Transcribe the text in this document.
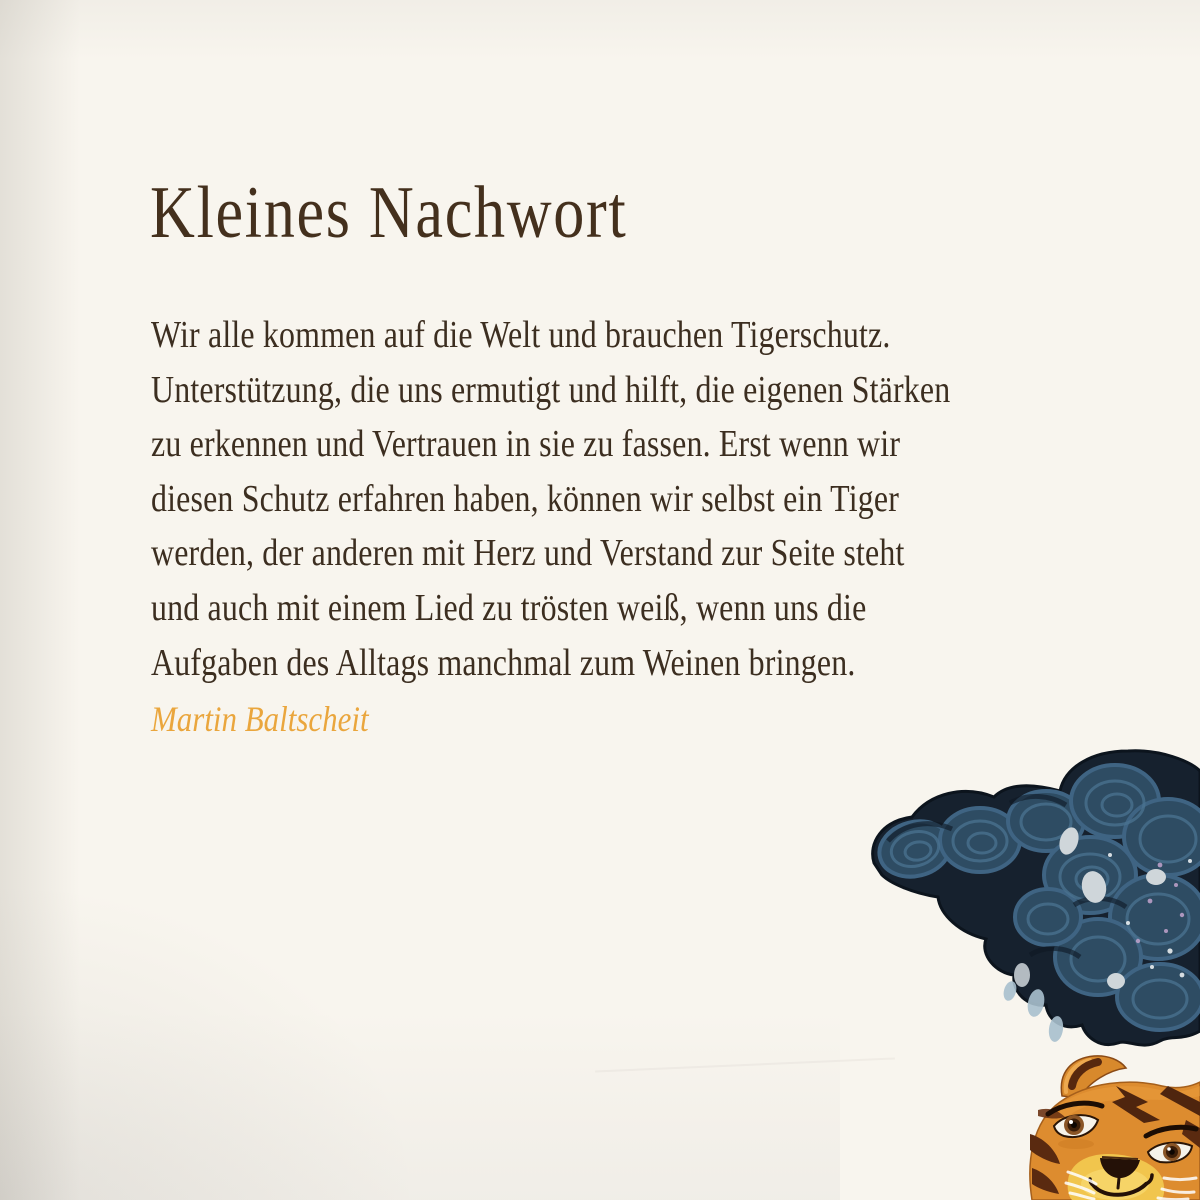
Kleines Nachwort
Wir alle kommen auf die Welt und brauchen Tigerschutz.
Unterstützung, die uns ermutigt und hilft, die eigenen Stärken
zu erkennen und Vertrauen in sie zu fassen. Erst wenn wir
diesen Schutz erfahren haben, können wir selbst ein Tiger
werden, der anderen mit Herz und Verstand zur Seite steht
und auch mit einem Lied zu trösten weiß, wenn uns die
Aufgaben des Alltags manchmal zum Weinen bringen.
Martin Baltscheit
